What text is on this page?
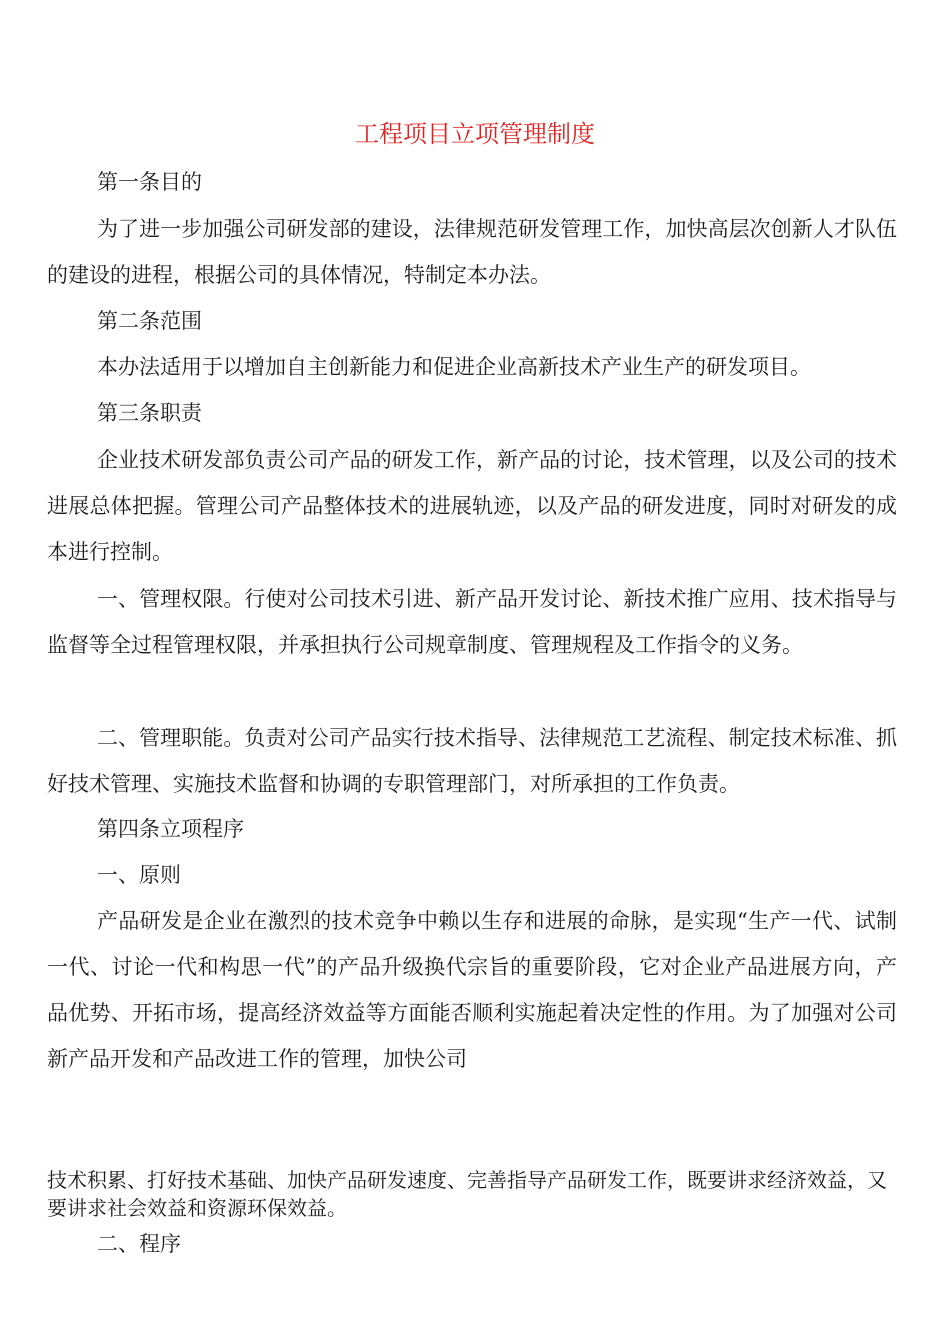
工程项目立项管理制度

第一条目的

为了进一步加强公司研发部的建设，法律规范研发管理工作，加快高层次创新人才队伍的建设的进程，根据公司的具体情况，特制定本办法。

第二条范围

本办法适用于以增加自主创新能力和促进企业高新技术产业生产的研发项目。

第三条职责

企业技术研发部负责公司产品的研发工作，新产品的讨论，技术管理，以及公司的技术进展总体把握。管理公司产品整体技术的进展轨迹，以及产品的研发进度，同时对研发的成本进行控制。

一、管理权限。行使对公司技术引进、新产品开发讨论、新技术推广应用、技术指导与监督等全过程管理权限，并承担执行公司规章制度、管理规程及工作指令的义务。

二、管理职能。负责对公司产品实行技术指导、法律规范工艺流程、制定技术标准、抓好技术管理、实施技术监督和协调的专职管理部门，对所承担的工作负责。

第四条立项程序

一、原则

产品研发是企业在激烈的技术竞争中赖以生存和进展的命脉，是实现“生产一代、试制一代、讨论一代和构思一代”的产品升级换代宗旨的重要阶段，它对企业产品进展方向，产品优势、开拓市场，提高经济效益等方面能否顺利实施起着决定性的作用。为了加强对公司新产品开发和产品改进工作的管理，加快公司

技术积累、打好技术基础、加快产品研发速度、完善指导产品研发工作，既要讲求经济效益，又要讲求社会效益和资源环保效益。

二、程序
